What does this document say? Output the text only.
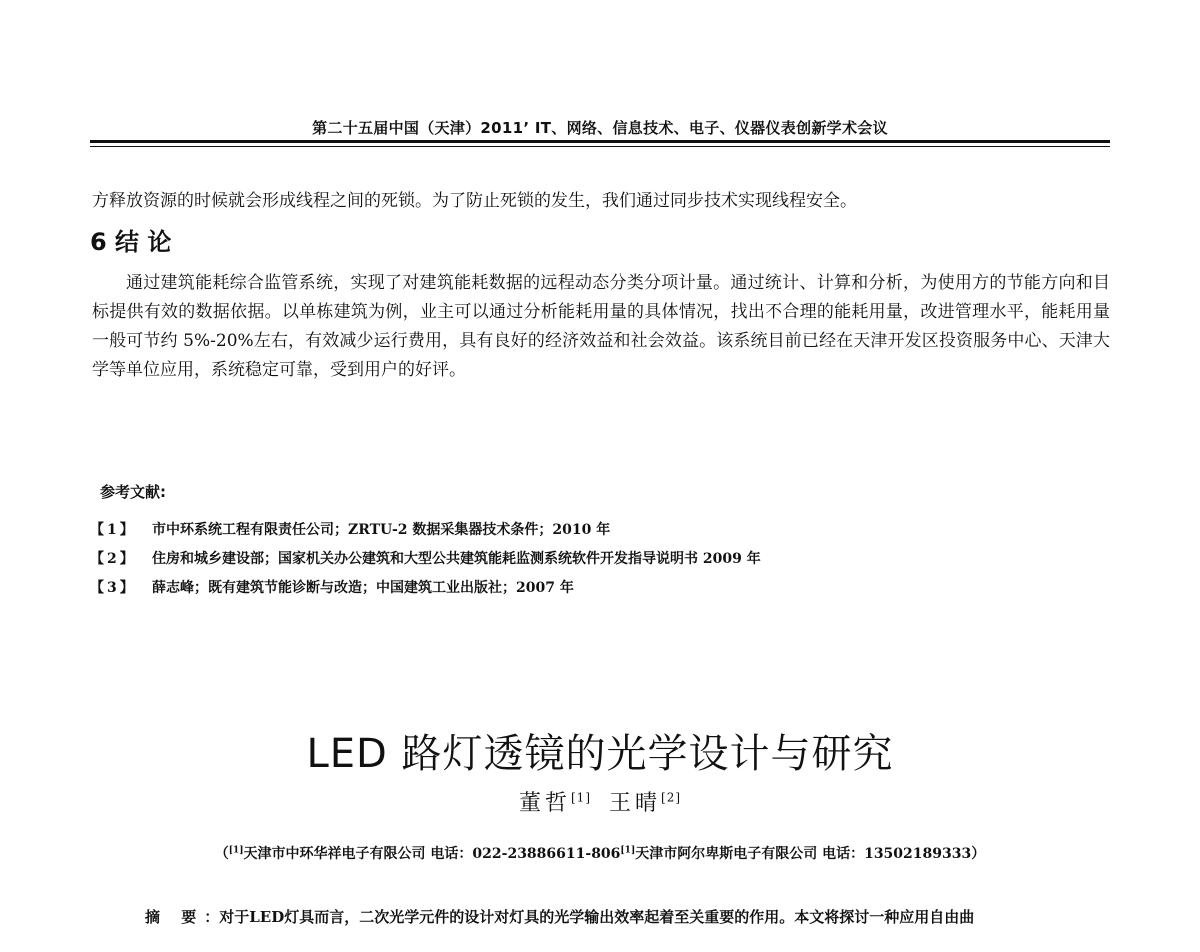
第二十五届中国（天津）2011’ IT、网络、信息技术、电子、仪器仪表创新学术会议

方释放资源的时候就会形成线程之间的死锁。为了防止死锁的发生，我们通过同步技术实现线程安全。

6 结 论

通过建筑能耗综合监管系统，实现了对建筑能耗数据的远程动态分类分项计量。通过统计、计算和分析，为使用方的节能方向和目标提供有效的数据依据。以单栋建筑为例，业主可以通过分析能耗用量的具体情况，找出不合理的能耗用量，改进管理水平，能耗用量一般可节约 5%-20%左右，有效减少运行费用，具有良好的经济效益和社会效益。该系统目前已经在天津开发区投资服务中心、天津大学等单位应用，系统稳定可靠，受到用户的好评。

参考文献:
【1】	市中环系统工程有限责任公司；ZRTU-2 数据采集器技术条件；2010 年
【2】	住房和城乡建设部；国家机关办公建筑和大型公共建筑能耗监测系统软件开发指导说明书 2009 年
【3】	薛志峰；既有建筑节能诊断与改造；中国建筑工业出版社；2007 年
LED 路灯透镜的光学设计与研究
董哲[1] 王晴[2]
（[1]天津市中环华祥电子有限公司 电话：022-23886611-806[1]天津市阿尔卑斯电子有限公司 电话：13502189333）
摘 要：对于LED灯具而言，二次光学元件的设计对灯具的光学输出效率起着至关重要的作用。本文将探讨一种应用自由曲
